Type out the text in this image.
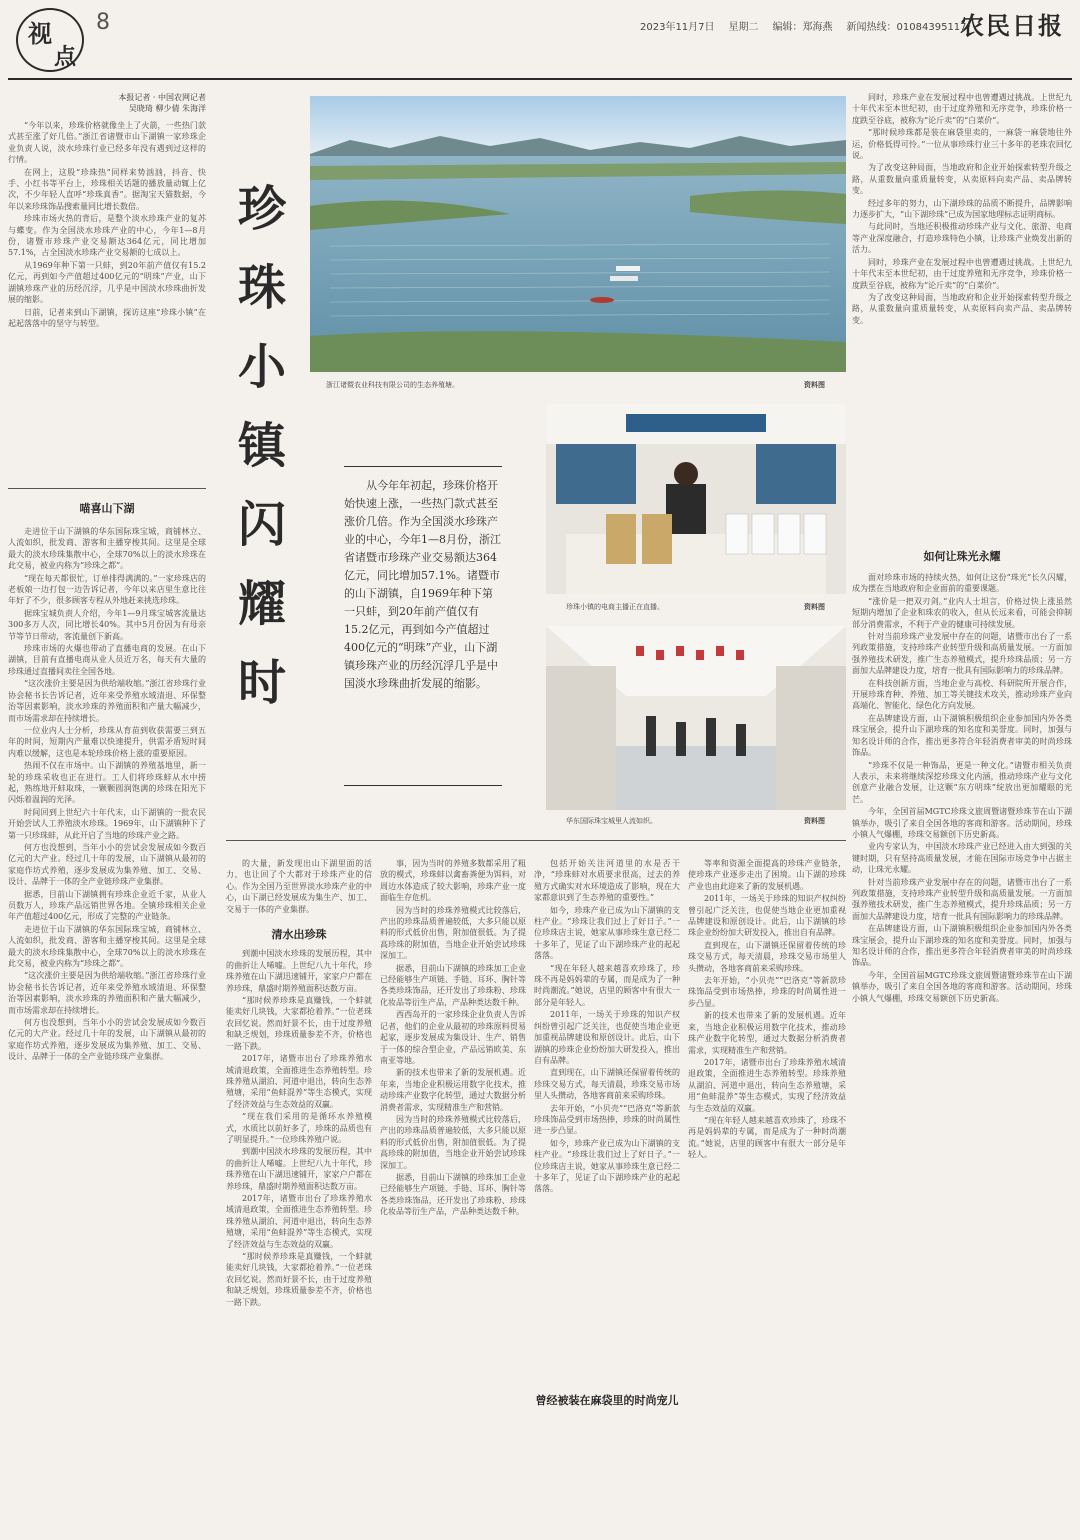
视
点
8	2023年11月7日 星期二 编辑：郑海燕 新闻热线：01084395117
农民日报
本报记者 · 中国农网记者
吴晓琦 柳少倩 朱海洋

“今年以来，珍珠价格就像坐上了火箭，一些热门款式甚至涨了好几倍。”浙江省诸暨市山下湖镇一家珍珠企业负责人说，淡水珍珠行业已经多年没有遇到过这样的行情。

在网上，这股“珍珠热”同样来势汹汹，抖音、快手、小红书等平台上，珍珠相关话题的播放量动辄上亿次，不少年轻人直呼“珍珠真香”。据淘宝天猫数据，今年以来珍珠饰品搜索量同比增长数倍。

珍珠市场火热的背后，是整个淡水珍珠产业的复苏与蝶变。作为全国淡水珍珠产业的中心，今年1—8月份，诸暨市珍珠产业交易额达364亿元，同比增加57.1%，占全国淡水珍珠产业交易额的七成以上。

从1969年种下第一只蚌，到20年前产值仅有15.2亿元，再到如今产值超过400亿元的“明珠”产业，山下湖镇珍珠产业的历经沉浮，几乎是中国淡水珍珠曲折发展的缩影。

日前，记者来到山下湖镇，探访这座“珍珠小镇”在起起落落中的坚守与转型。

喵喜山下湖

走进位于山下湖镇的华东国际珠宝城，商铺林立、人流如织，批发商、游客和主播穿梭其间。这里是全球最大的淡水珍珠集散中心，全球70%以上的淡水珍珠在此交易，被业内称为“珍珠之都”。

“现在每天都很忙，订单排得满满的。”一家珍珠店的老板娘一边打包一边告诉记者，今年以来店里生意比往年好了不少，很多顾客专程从外地赶来挑选珍珠。

据珠宝城负责人介绍，今年1—9月珠宝城客流量达300多万人次，同比增长40%。其中5月份因为有母亲节等节日带动，客流量创下新高。

珍珠市场的火爆也带动了直播电商的发展。在山下湖镇，目前有直播电商从业人员近万名，每天有大量的珍珠通过直播间卖往全国各地。

“这次涨价主要是因为供给端收缩。”浙江省珍珠行业协会秘书长告诉记者，近年来受养殖水域清退、环保整治等因素影响，淡水珍珠的养殖面积和产量大幅减少，而市场需求却在持续增长。

一位业内人士分析，珍珠从育苗到收获需要三到五年的时间，短期内产量难以快速提升，供需矛盾短时间内难以缓解，这也是本轮珍珠价格上涨的重要原因。

热闹不仅在市场中。山下湖镇的养殖基地里，新一轮的珍珠采收也正在进行。工人们将珍珠蚌从水中捞起，熟练地开蚌取珠，一颗颗圆润饱满的珍珠在阳光下闪烁着温润的光泽。

时间回到上世纪六十年代末，山下湖镇的一批农民开始尝试人工养殖淡水珍珠。1969年，山下湖镇种下了第一只珍珠蚌，从此开启了当地的珍珠产业之路。

何方也没想到，当年小小的尝试会发展成如今数百亿元的大产业。经过几十年的发展，山下湖镇从最初的家庭作坊式养殖，逐步发展成为集养殖、加工、交易、设计、品牌于一体的全产业链珍珠产业集群。

据悉，目前山下湖镇拥有珍珠企业近千家，从业人员数万人，珍珠产品远销世界各地。全镇珍珠相关企业年产值超过400亿元，形成了完整的产业链条。

走进位于山下湖镇的华东国际珠宝城，商铺林立、人流如织，批发商、游客和主播穿梭其间。这里是全球最大的淡水珍珠集散中心，全球70%以上的淡水珍珠在此交易，被业内称为“珍珠之都”。

“这次涨价主要是因为供给端收缩。”浙江省珍珠行业协会秘书长告诉记者，近年来受养殖水域清退、环保整治等因素影响，淡水珍珠的养殖面积和产量大幅减少，而市场需求却在持续增长。

何方也没想到，当年小小的尝试会发展成如今数百亿元的大产业。经过几十年的发展，山下湖镇从最初的家庭作坊式养殖，逐步发展成为集养殖、加工、交易、设计、品牌于一体的全产业链珍珠产业集群。

珍
珠
小
镇
闪
耀
时
浙江诸暨农业科技有限公司的生态养殖塘。	资料图

从今年年初起，珍珠价格开始快速上涨，一些热门款式甚至涨价几倍。作为全国淡水珍珠产业的中心，今年1—8月份，浙江省诸暨市珍珠产业交易额达364亿元，同比增加57.1%。诸暨市的山下湖镇，自1969年种下第一只蚌，到20年前产值仅有15.2亿元，再到如今产值超过400亿元的“明珠”产业，山下湖镇珍珠产业的历经沉浮几乎是中国淡水珍珠曲折发展的缩影。

珍珠小镇的电商主播正在直播。	资料图
华东国际珠宝城里人流如织。	资料图

同时，珍珠产业在发展过程中也曾遭遇过挑战。上世纪九十年代末至本世纪初，由于过度养殖和无序竞争，珍珠价格一度跌至谷底，被称为“论斤卖”的“白菜价”。

“那时候珍珠都是装在麻袋里卖的，一麻袋一麻袋地往外运，价格低得可怜。”一位从事珍珠行业三十多年的老珠农回忆说。

为了改变这种局面，当地政府和企业开始探索转型升级之路，从重数量向重质量转变，从卖原料向卖产品、卖品牌转变。

经过多年的努力，山下湖珍珠的品质不断提升，品牌影响力逐步扩大，“山下湖珍珠”已成为国家地理标志证明商标。

与此同时，当地还积极推动珍珠产业与文化、旅游、电商等产业深度融合，打造珍珠特色小镇，让珍珠产业焕发出新的活力。

同时，珍珠产业在发展过程中也曾遭遇过挑战。上世纪九十年代末至本世纪初，由于过度养殖和无序竞争，珍珠价格一度跌至谷底，被称为“论斤卖”的“白菜价”。

为了改变这种局面，当地政府和企业开始探索转型升级之路，从重数量向重质量转变，从卖原料向卖产品、卖品牌转变。

如何让珠光永耀

面对珍珠市场的持续火热，如何让这份“珠光”长久闪耀，成为摆在当地政府和企业面前的重要课题。

“涨价是一把双刃剑。”业内人士坦言，价格过快上涨虽然短期内增加了企业和珠农的收入，但从长远来看，可能会抑制部分消费需求，不利于产业的健康可持续发展。

针对当前珍珠产业发展中存在的问题，诸暨市出台了一系列政策措施，支持珍珠产业转型升级和高质量发展。一方面加强养殖技术研发，推广生态养殖模式，提升珍珠品质；另一方面加大品牌建设力度，培育一批具有国际影响力的珍珠品牌。

在科技创新方面，当地企业与高校、科研院所开展合作，开展珍珠育种、养殖、加工等关键技术攻关，推动珍珠产业向高端化、智能化、绿色化方向发展。

在品牌建设方面，山下湖镇积极组织企业参加国内外各类珠宝展会，提升山下湖珍珠的知名度和美誉度。同时，加强与知名设计师的合作，推出更多符合年轻消费者审美的时尚珍珠饰品。

“珍珠不仅是一种饰品，更是一种文化。”诸暨市相关负责人表示，未来将继续深挖珍珠文化内涵，推动珍珠产业与文化创意产业融合发展，让这颗“东方明珠”绽放出更加耀眼的光芒。

今年，全国首届MGTC珍珠文旅周暨诸暨珍珠节在山下湖镇举办，吸引了来自全国各地的客商和游客。活动期间，珍珠小镇人气爆棚，珍珠交易额创下历史新高。

业内专家认为，中国淡水珍珠产业已经进入由大到强的关键时期，只有坚持高质量发展，才能在国际市场竞争中占据主动，让珠光永耀。

针对当前珍珠产业发展中存在的问题，诸暨市出台了一系列政策措施，支持珍珠产业转型升级和高质量发展。一方面加强养殖技术研发，推广生态养殖模式，提升珍珠品质；另一方面加大品牌建设力度，培育一批具有国际影响力的珍珠品牌。

在品牌建设方面，山下湖镇积极组织企业参加国内外各类珠宝展会，提升山下湖珍珠的知名度和美誉度。同时，加强与知名设计师的合作，推出更多符合年轻消费者审美的时尚珍珠饰品。

今年，全国首届MGTC珍珠文旅周暨诸暨珍珠节在山下湖镇举办，吸引了来自全国各地的客商和游客。活动期间，珍珠小镇人气爆棚，珍珠交易额创下历史新高。

的大量，新发现出山下湖里面的活力，也让回了个大都对于珍珠产业的信心。作为全国乃至世界淡水珍珠产业的中心，山下湖已经发展成为集生产、加工、交易于一体的产业集群。

清水出珍珠

到潮中国淡水珍珠的发展历程，其中的曲折让人唏嘘。上世纪八九十年代，珍珠养殖在山下湖迅速铺开，家家户户都在养珍珠，鼎盛时期养殖面积达数万亩。

“那时候养珍珠是真赚钱，一个蚌就能卖好几块钱，大家都抢着养。”一位老珠农回忆说。然而好景不长，由于过度养殖和缺乏规划，珍珠质量参差不齐，价格也一路下跌。

2017年，诸暨市出台了珍珠养殖水域清退政策，全面推进生态养殖转型。珍珠养殖从湖泊、河道中退出，转向生态养殖塘，采用“鱼蚌混养”等生态模式，实现了经济效益与生态效益的双赢。

“现在我们采用的是循环水养殖模式，水质比以前好多了，珍珠的品质也有了明显提升。”一位珍珠养殖户说。

到潮中国淡水珍珠的发展历程，其中的曲折让人唏嘘。上世纪八九十年代，珍珠养殖在山下湖迅速铺开，家家户户都在养珍珠，鼎盛时期养殖面积达数万亩。

2017年，诸暨市出台了珍珠养殖水域清退政策，全面推进生态养殖转型。珍珠养殖从湖泊、河道中退出，转向生态养殖塘，采用“鱼蚌混养”等生态模式，实现了经济效益与生态效益的双赢。

“那时候养珍珠是真赚钱，一个蚌就能卖好几块钱，大家都抢着养。”一位老珠农回忆说。然而好景不长，由于过度养殖和缺乏规划，珍珠质量参差不齐，价格也一路下跌。

事，因为当时的养殖多数都采用了粗放的模式，珍珠蚌以禽畜粪便为饵料，对周边水体造成了较大影响，珍珠产业一度面临生存危机。

因为当时的珍珠养殖模式比较落后，产出的珍珠品质普遍较低，大多只能以原料的形式低价出售，附加值很低。为了提高珍珠的附加值，当地企业开始尝试珍珠深加工。

据悉，目前山下湖镇的珍珠加工企业已经能够生产项链、手链、耳环、胸针等各类珍珠饰品，还开发出了珍珠粉、珍珠化妆品等衍生产品，产品种类达数千种。

西西岛开的一家珍珠企业负责人告诉记者，他们的企业从最初的珍珠原料贸易起家，逐步发展成为集设计、生产、销售于一体的综合型企业，产品远销欧美、东南亚等地。

新的技术也带来了新的发展机遇。近年来，当地企业积极运用数字化技术，推动珍珠产业数字化转型，通过大数据分析消费者需求，实现精准生产和营销。

因为当时的珍珠养殖模式比较落后，产出的珍珠品质普遍较低，大多只能以原料的形式低价出售，附加值很低。为了提高珍珠的附加值，当地企业开始尝试珍珠深加工。

据悉，目前山下湖镇的珍珠加工企业已经能够生产项链、手链、耳环、胸针等各类珍珠饰品，还开发出了珍珠粉、珍珠化妆品等衍生产品，产品种类达数千种。

包括开始关注河道里的水是否干净，“珍珠蚌对水质要求很高，过去的养殖方式确实对水环境造成了影响，现在大家都意识到了生态养殖的重要性。”

如今，珍珠产业已成为山下湖镇的支柱产业。“珍珠让我们过上了好日子。”一位珍珠店主说，她家从事珍珠生意已经二十多年了，见证了山下湖珍珠产业的起起落落。

“现在年轻人越来越喜欢珍珠了，珍珠不再是妈妈辈的专属，而是成为了一种时尚潮流。”她说，店里的顾客中有很大一部分是年轻人。

2011年，一场关于珍珠的知识产权纠纷曾引起广泛关注，也促使当地企业更加重视品牌建设和原创设计。此后，山下湖镇的珍珠企业纷纷加大研发投入，推出自有品牌。

直到现在，山下湖镇还保留着传统的珍珠交易方式，每天清晨，珍珠交易市场里人头攒动，各地客商前来采购珍珠。

去年开始，“小贝壳”“巴洛克”等新款珍珠饰品受到市场热捧，珍珠的时尚属性进一步凸显。

如今，珍珠产业已成为山下湖镇的支柱产业。“珍珠让我们过上了好日子。”一位珍珠店主说，她家从事珍珠生意已经二十多年了，见证了山下湖珍珠产业的起起落落。

等率和资源全面提高的珍珠产业链条，使珍珠产业逐步走出了困境。山下湖的珍珠产业也由此迎来了新的发展机遇。

2011年，一场关于珍珠的知识产权纠纷曾引起广泛关注，也促使当地企业更加重视品牌建设和原创设计。此后，山下湖镇的珍珠企业纷纷加大研发投入，推出自有品牌。

直到现在，山下湖镇还保留着传统的珍珠交易方式，每天清晨，珍珠交易市场里人头攒动，各地客商前来采购珍珠。

去年开始，“小贝壳”“巴洛克”等新款珍珠饰品受到市场热捧，珍珠的时尚属性进一步凸显。

新的技术也带来了新的发展机遇。近年来，当地企业积极运用数字化技术，推动珍珠产业数字化转型，通过大数据分析消费者需求，实现精准生产和营销。

2017年，诸暨市出台了珍珠养殖水域清退政策，全面推进生态养殖转型。珍珠养殖从湖泊、河道中退出，转向生态养殖塘，采用“鱼蚌混养”等生态模式，实现了经济效益与生态效益的双赢。

“现在年轻人越来越喜欢珍珠了，珍珠不再是妈妈辈的专属，而是成为了一种时尚潮流。”她说，店里的顾客中有很大一部分是年轻人。

曾经被装在麻袋里的时尚宠儿
